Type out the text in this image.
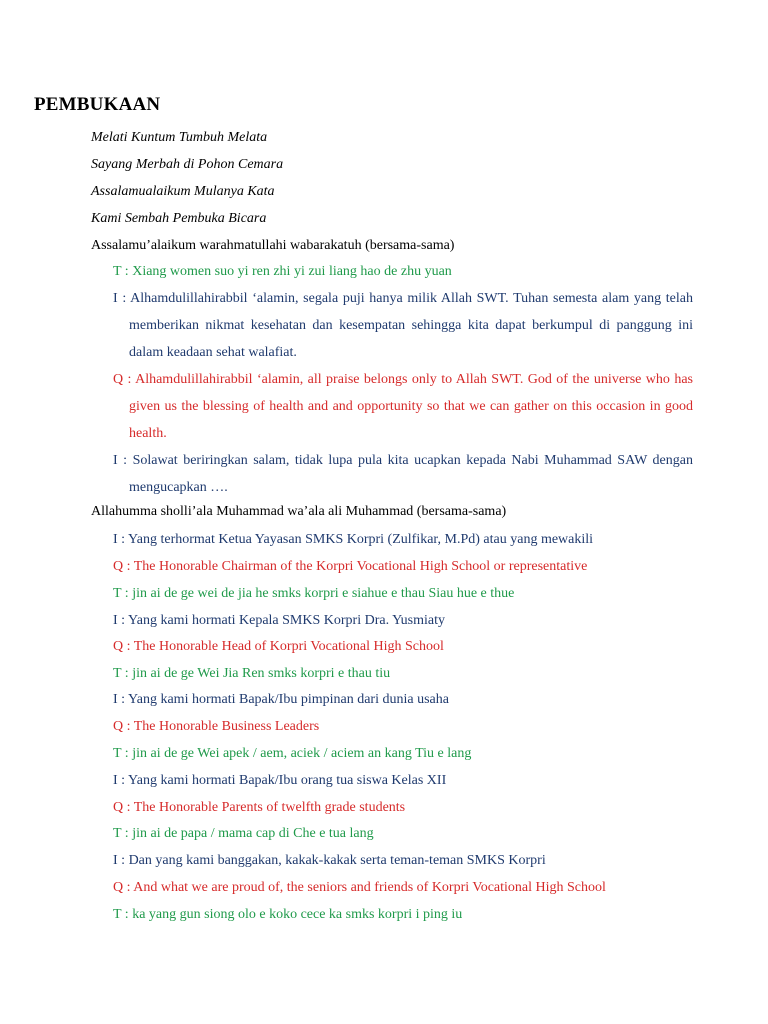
PEMBUKAAN
Melati Kuntum Tumbuh Melata
Sayang Merbah di Pohon Cemara
Assalamualaikum Mulanya Kata
Kami Sembah Pembuka Bicara
Assalamu’alaikum warahmatullahi wabarakatuh (bersama-sama)
T : Xiang women suo yi ren zhi yi zui liang hao de zhu yuan
I : Alhamdulillahirabbil ‘alamin, segala puji hanya milik Allah SWT. Tuhan semesta alam yang telah memberikan nikmat kesehatan dan kesempatan sehingga kita dapat berkumpul di panggung ini dalam keadaan sehat walafiat.
Q : Alhamdulillahirabbil ‘alamin, all praise belongs only to Allah SWT. God of the universe who has given us the blessing of health and and opportunity so that we can gather on this occasion in good health.
I : Solawat beriringkan salam, tidak lupa pula kita ucapkan kepada Nabi Muhammad SAW dengan mengucapkan ….
Allahumma sholli’ala Muhammad wa’ala ali Muhammad (bersama-sama)
I : Yang terhormat Ketua Yayasan SMKS Korpri (Zulfikar, M.Pd) atau yang mewakili
Q : The Honorable Chairman of the Korpri Vocational High School or representative
T : jin ai de ge wei de jia he smks korpri e siahue e thau Siau hue e thue
I : Yang kami hormati Kepala SMKS Korpri Dra. Yusmiaty
Q : The Honorable Head of Korpri Vocational High School
T : jin ai de ge Wei Jia Ren smks korpri e thau tiu
I : Yang kami hormati Bapak/Ibu pimpinan dari dunia usaha
Q : The Honorable Business Leaders
T : jin ai de ge Wei apek / aem, aciek / aciem an kang Tiu e lang
I : Yang kami hormati Bapak/Ibu orang tua siswa Kelas XII
Q : The Honorable Parents of twelfth grade students
T : jin ai de papa / mama cap di Che e tua lang
I : Dan yang kami banggakan, kakak-kakak serta teman-teman SMKS Korpri
Q : And what we are proud of, the seniors and friends of Korpri Vocational High School
T : ka yang gun siong olo e koko cece ka smks korpri i ping iu
